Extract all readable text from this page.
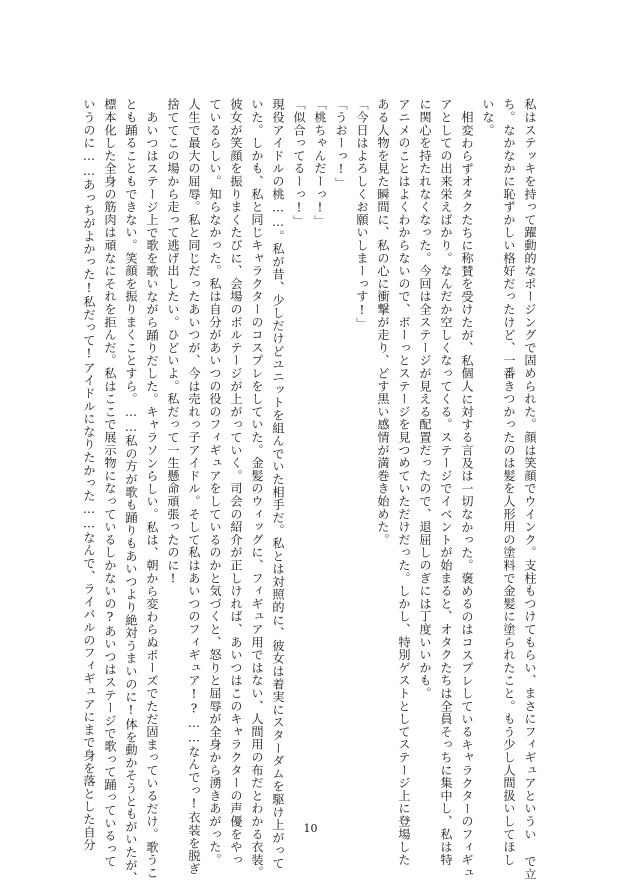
私はステッキを持って躍動的なポージングで固められた。顔は笑顔でウインク。支柱もつけてもらい、まさにフィギュアというい で立
ち。なかなかに恥ずかしい格好だったけど、一番きつかったのは髪を人形用の塗料で金髪に塗られたこと。もう少し人間扱いしてほし
いな。
相変わらずオタクたちに称賛を受けたが、私個人に対する言及は一切なかった。褒めるのはコスプレしているキャラクターのフィギュ
アとしての出来栄えばかり。なんだか空しくなってくる。ステージでイベントが始まると、オタクたちは全員そっちに集中し、私は特
に関心を持たれなくなった。今回は全ステージが見える配置だったので、退屈しのぎには丁度いいかも。
アニメのことはよくわからないので、ボーっとステージを見つめていただけだった。しかし、特別ゲストとしてステージ上に登場した
ある人物を見た瞬間に、私の心に衝撃が走り、どす黒い感情が満巻き始めた。
「今日はよろしくお願いしまーっす!」
「うおーっ!」
「桃ちゃんだーっ!」
「似合ってるーっ!」
現役アイドルの桃……。私が昔、少しだけどユニットを組んでいた相手だ。私とは対照的に、彼女は着実にスターダムを駆け上がって
いた。しかも、私と同じキャラクターのコスプレをしていた。金髪のウィッグに、フィギュア用ではない、人間用の布だとわかる衣装。
彼女が笑顔を振りまくたびに、会場のボルテージが上がっていく。司会の紹介が正しければ、あいつはこのキャラクターの声優をやっ
ているらしい。知らなかった。私は自分があいつの役のフィギュアをしているのかと気づくと、怒りと屈辱が全身から湧きあがった。
人生で最大の屈辱。私と同じだったあいつが、今は売れっ子アイドル。そして私はあいつのフィギュア!?……なんでっ!衣装を脱ぎ
捨ててこの場から走って逃げ出したい。ひどいよ。私だって一生懸命頑張ったのに!
あいつはステージ上で歌を歌いながら踊りだした。キャラソンらしい。私は、朝から変わらぬポーズでただ固まっているだけ。歌うこ
とも踊ることもできない。笑顔を振りまくことすら。……私の方が歌も踊りもあいつより絶対うまいのに!体を動かそうともがいたが、
標本化した全身の筋肉は頑なにそれを拒んだ。私はここで展示物になっているしかないの?あいつはステージで歌って踊っているって
いうのに……あっちがよかった!私だって!アイドルになりたかった……なんで、ライバルのフィギュアにまで身を落とした自分	10
